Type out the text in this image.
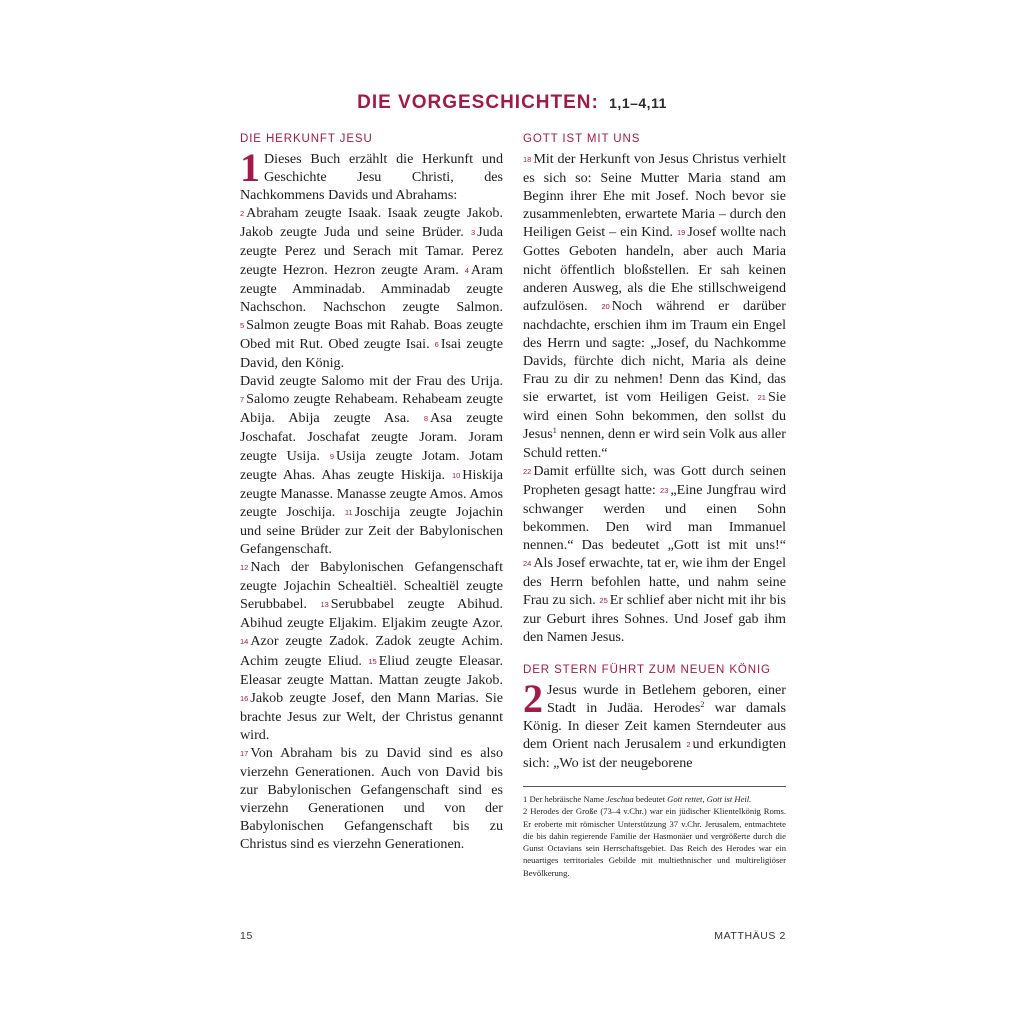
DIE VORGESCHICHTEN: 1,1–4,11
DIE HERKUNFT JESU

1 Dieses Buch erzählt die Herkunft und Geschichte Jesu Christi, des Nachkommens Davids und Abrahams:

2 Abraham zeugte Isaak. Isaak zeugte Jakob. Jakob zeugte Juda und seine Brüder. 3 Juda zeugte Perez und Serach mit Tamar. Perez zeugte Hezron. Hezron zeugte Aram. 4 Aram zeugte Amminadab. Amminadab zeugte Nachschon. Nachschon zeugte Salmon. 5 Salmon zeugte Boas mit Rahab. Boas zeugte Obed mit Rut. Obed zeugte Isai. 6 Isai zeugte David, den König.

David zeugte Salomo mit der Frau des Urija. 7 Salomo zeugte Rehabeam. Rehabeam zeugte Abija. Abija zeugte Asa. 8 Asa zeugte Joschafat. Joschafat zeugte Joram. Joram zeugte Usija. 9 Usija zeugte Jotam. Jotam zeugte Ahas. Ahas zeugte Hiskija. 10 Hiskija zeugte Manasse. Manasse zeugte Amos. Amos zeugte Joschija. 11 Joschija zeugte Jojachin und seine Brüder zur Zeit der Babylonischen Gefangenschaft.

12 Nach der Babylonischen Gefangenschaft zeugte Jojachin Schealtiël. Schealtiël zeugte Serubbabel. 13 Serubbabel zeugte Abihud. Abihud zeugte Eljakim. Eljakim zeugte Azor. 14 Azor zeugte Zadok. Zadok zeugte Achim. Achim zeugte Eliud. 15 Eliud zeugte Eleasar. Eleasar zeugte Mattan. Mattan zeugte Jakob. 16 Jakob zeugte Josef, den Mann Marias. Sie brachte Jesus zur Welt, der Christus genannt wird.

17 Von Abraham bis zu David sind es also vierzehn Generationen. Auch von David bis zur Babylonischen Gefangenschaft sind es vierzehn Generationen und von der Babylonischen Gefangenschaft bis zu Christus sind es vierzehn Generationen.

GOTT IST MIT UNS

18 Mit der Herkunft von Jesus Christus verhielt es sich so: Seine Mutter Maria stand am Beginn ihrer Ehe mit Josef. Noch bevor sie zusammenlebten, erwartete Maria – durch den Heiligen Geist – ein Kind. 19 Josef wollte nach Gottes Geboten handeln, aber auch Maria nicht öffentlich bloßstellen. Er sah keinen anderen Ausweg, als die Ehe stillschweigend aufzulösen. 20 Noch während er darüber nachdachte, erschien ihm im Traum ein Engel des Herrn und sagte: „Josef, du Nachkomme Davids, fürchte dich nicht, Maria als deine Frau zu dir zu nehmen! Denn das Kind, das sie erwartet, ist vom Heiligen Geist. 21 Sie wird einen Sohn bekommen, den sollst du Jesus$^1$ nennen, denn er wird sein Volk aus aller Schuld retten.“

22 Damit erfüllte sich, was Gott durch seinen Propheten gesagt hatte: 23 „Eine Jungfrau wird schwanger werden und einen Sohn bekommen. Den wird man Immanuel nennen.“ Das bedeutet „Gott ist mit uns!“ 24 Als Josef erwachte, tat er, wie ihm der Engel des Herrn befohlen hatte, und nahm seine Frau zu sich. 25 Er schlief aber nicht mit ihr bis zur Geburt ihres Sohnes. Und Josef gab ihm den Namen Jesus.

DER STERN FÜHRT ZUM NEUEN KÖNIG

2 Jesus wurde in Betlehem geboren, einer Stadt in Judäa. Herodes$^2$ war damals König. In dieser Zeit kamen Sterndeuter aus dem Orient nach Jerusalem 2 und erkundigten sich: „Wo ist der neugeborene

1 Der hebräische Name Jeschua bedeutet Gott rettet, Gott ist Heil.
2 Herodes der Große (73–4 v.Chr.) war ein jüdischer Klientelkönig Roms. Er eroberte mit römischer Unterstützung 37 v.Chr. Jerusalem, entmachtete die bis dahin regierende Familie der Hasmonäer und vergrößerte durch die Gunst Octavians sein Herrschaftsgebiet. Das Reich des Herodes war ein neuartiges territoriales Gebilde mit multiethnischer und multireligiöser Bevölkerung.
15	MATTHÄUS 2
